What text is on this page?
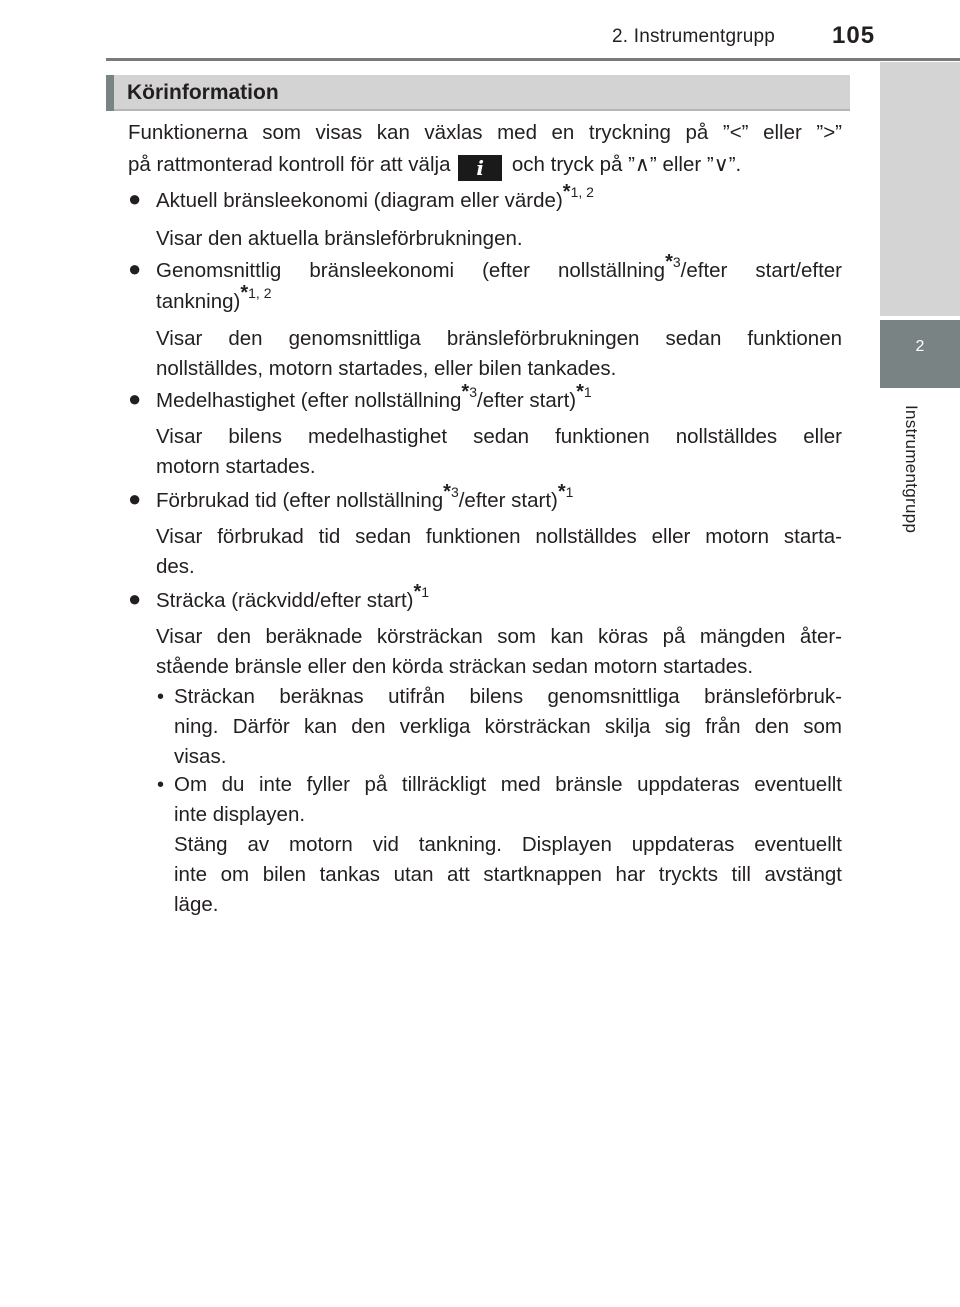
2. Instrumentgrupp 105
2
Instrumentgrupp
Körinformation
Funktionerna som visas kan växlas med en tryckning på ”<” eller ”>”
på rattmonterad kontroll för att välja i och tryck på ”∧” eller ”∨”.
● Aktuell bränsleekonomi (diagram eller värde)*$^{1, 2}$
Visar den aktuella bränsleförbrukningen.
● Genomsnittlig bränsleekonomi (efter nollställning*$^3$/efter start/efter
tankning)*$^{1, 2}$
Visar den genomsnittliga bränsleförbrukningen sedan funktionen
nollställdes, motorn startades, eller bilen tankades.
● Medelhastighet (efter nollställning*$^3$/efter start)*$^1$
Visar bilens medelhastighet sedan funktionen nollställdes eller
motorn startades.
● Förbrukad tid (efter nollställning*$^3$/efter start)*$^1$
Visar förbrukad tid sedan funktionen nollställdes eller motorn starta-
des.
● Sträcka (räckvidd/efter start)*$^1$
Visar den beräknade körsträckan som kan köras på mängden åter-
stående bränsle eller den körda sträckan sedan motorn startades.
• Sträckan beräknas utifrån bilens genomsnittliga bränsleförbruk-
ning. Därför kan den verkliga körsträckan skilja sig från den som
visas.
• Om du inte fyller på tillräckligt med bränsle uppdateras eventuellt
inte displayen.
Stäng av motorn vid tankning. Displayen uppdateras eventuellt
inte om bilen tankas utan att startknappen har tryckts till avstängt
läge.
